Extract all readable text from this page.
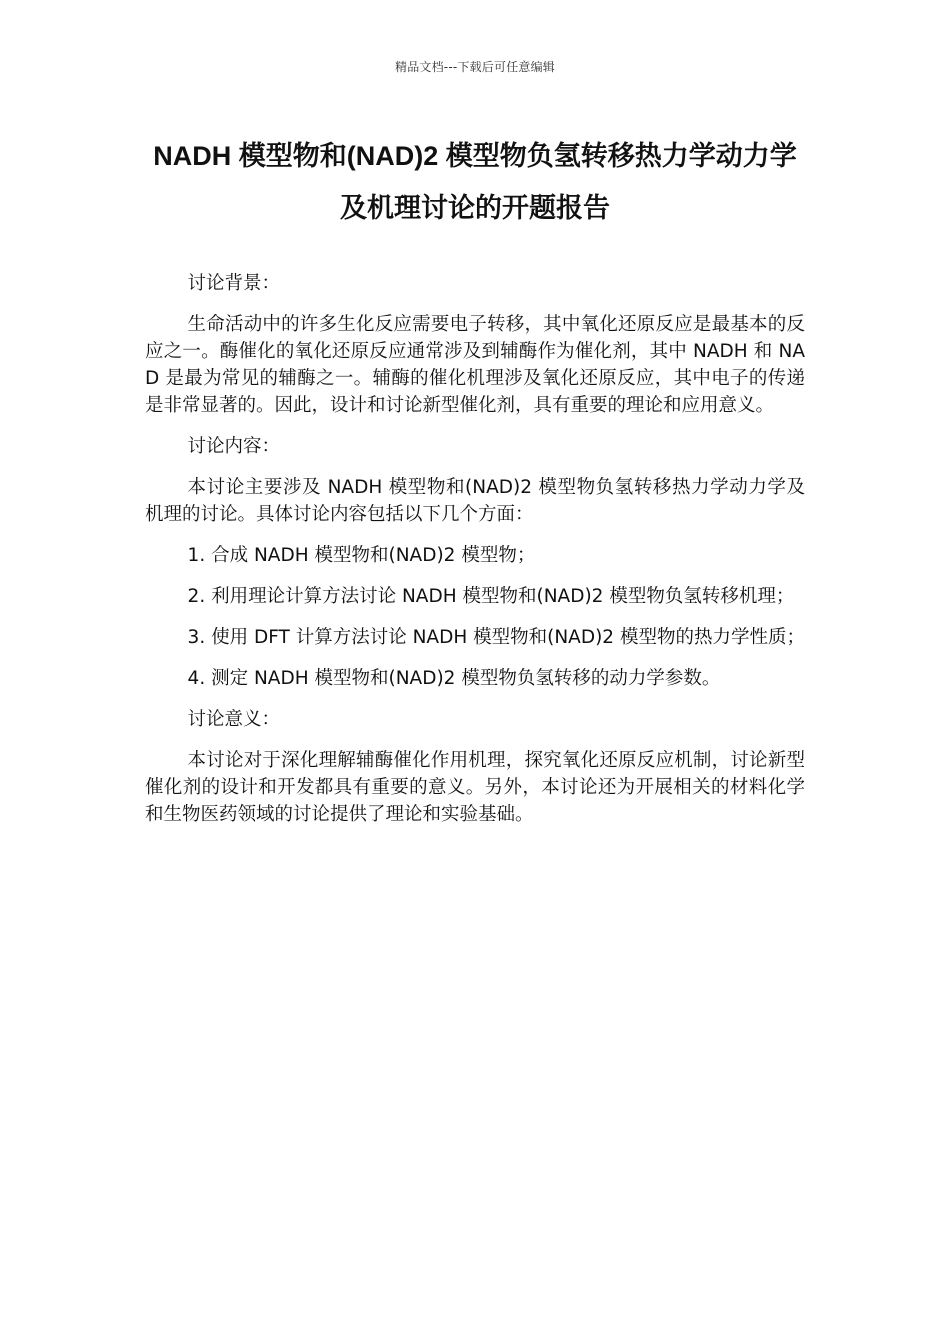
精品文档---下载后可任意编辑
NADH 模型物和(NAD)2 模型物负氢转移热力学动力学及机理讨论的开题报告

讨论背景：

生命活动中的许多生化反应需要电子转移，其中氧化还原反应是最基本的反应之一。酶催化的氧化还原反应通常涉及到辅酶作为催化剂，其中 NADH 和 NAD 是最为常见的辅酶之一。辅酶的催化机理涉及氧化还原反应，其中电子的传递是非常显著的。因此，设计和讨论新型催化剂，具有重要的理论和应用意义。

讨论内容：

本讨论主要涉及 NADH 模型物和(NAD)2 模型物负氢转移热力学动力学及机理的讨论。具体讨论内容包括以下几个方面：

1. 合成 NADH 模型物和(NAD)2 模型物；

2. 利用理论计算方法讨论 NADH 模型物和(NAD)2 模型物负氢转移机理；

3. 使用 DFT 计算方法讨论 NADH 模型物和(NAD)2 模型物的热力学性质；

4. 测定 NADH 模型物和(NAD)2 模型物负氢转移的动力学参数。

讨论意义：

本讨论对于深化理解辅酶催化作用机理，探究氧化还原反应机制，讨论新型催化剂的设计和开发都具有重要的意义。另外，本讨论还为开展相关的材料化学和生物医药领域的讨论提供了理论和实验基础。
